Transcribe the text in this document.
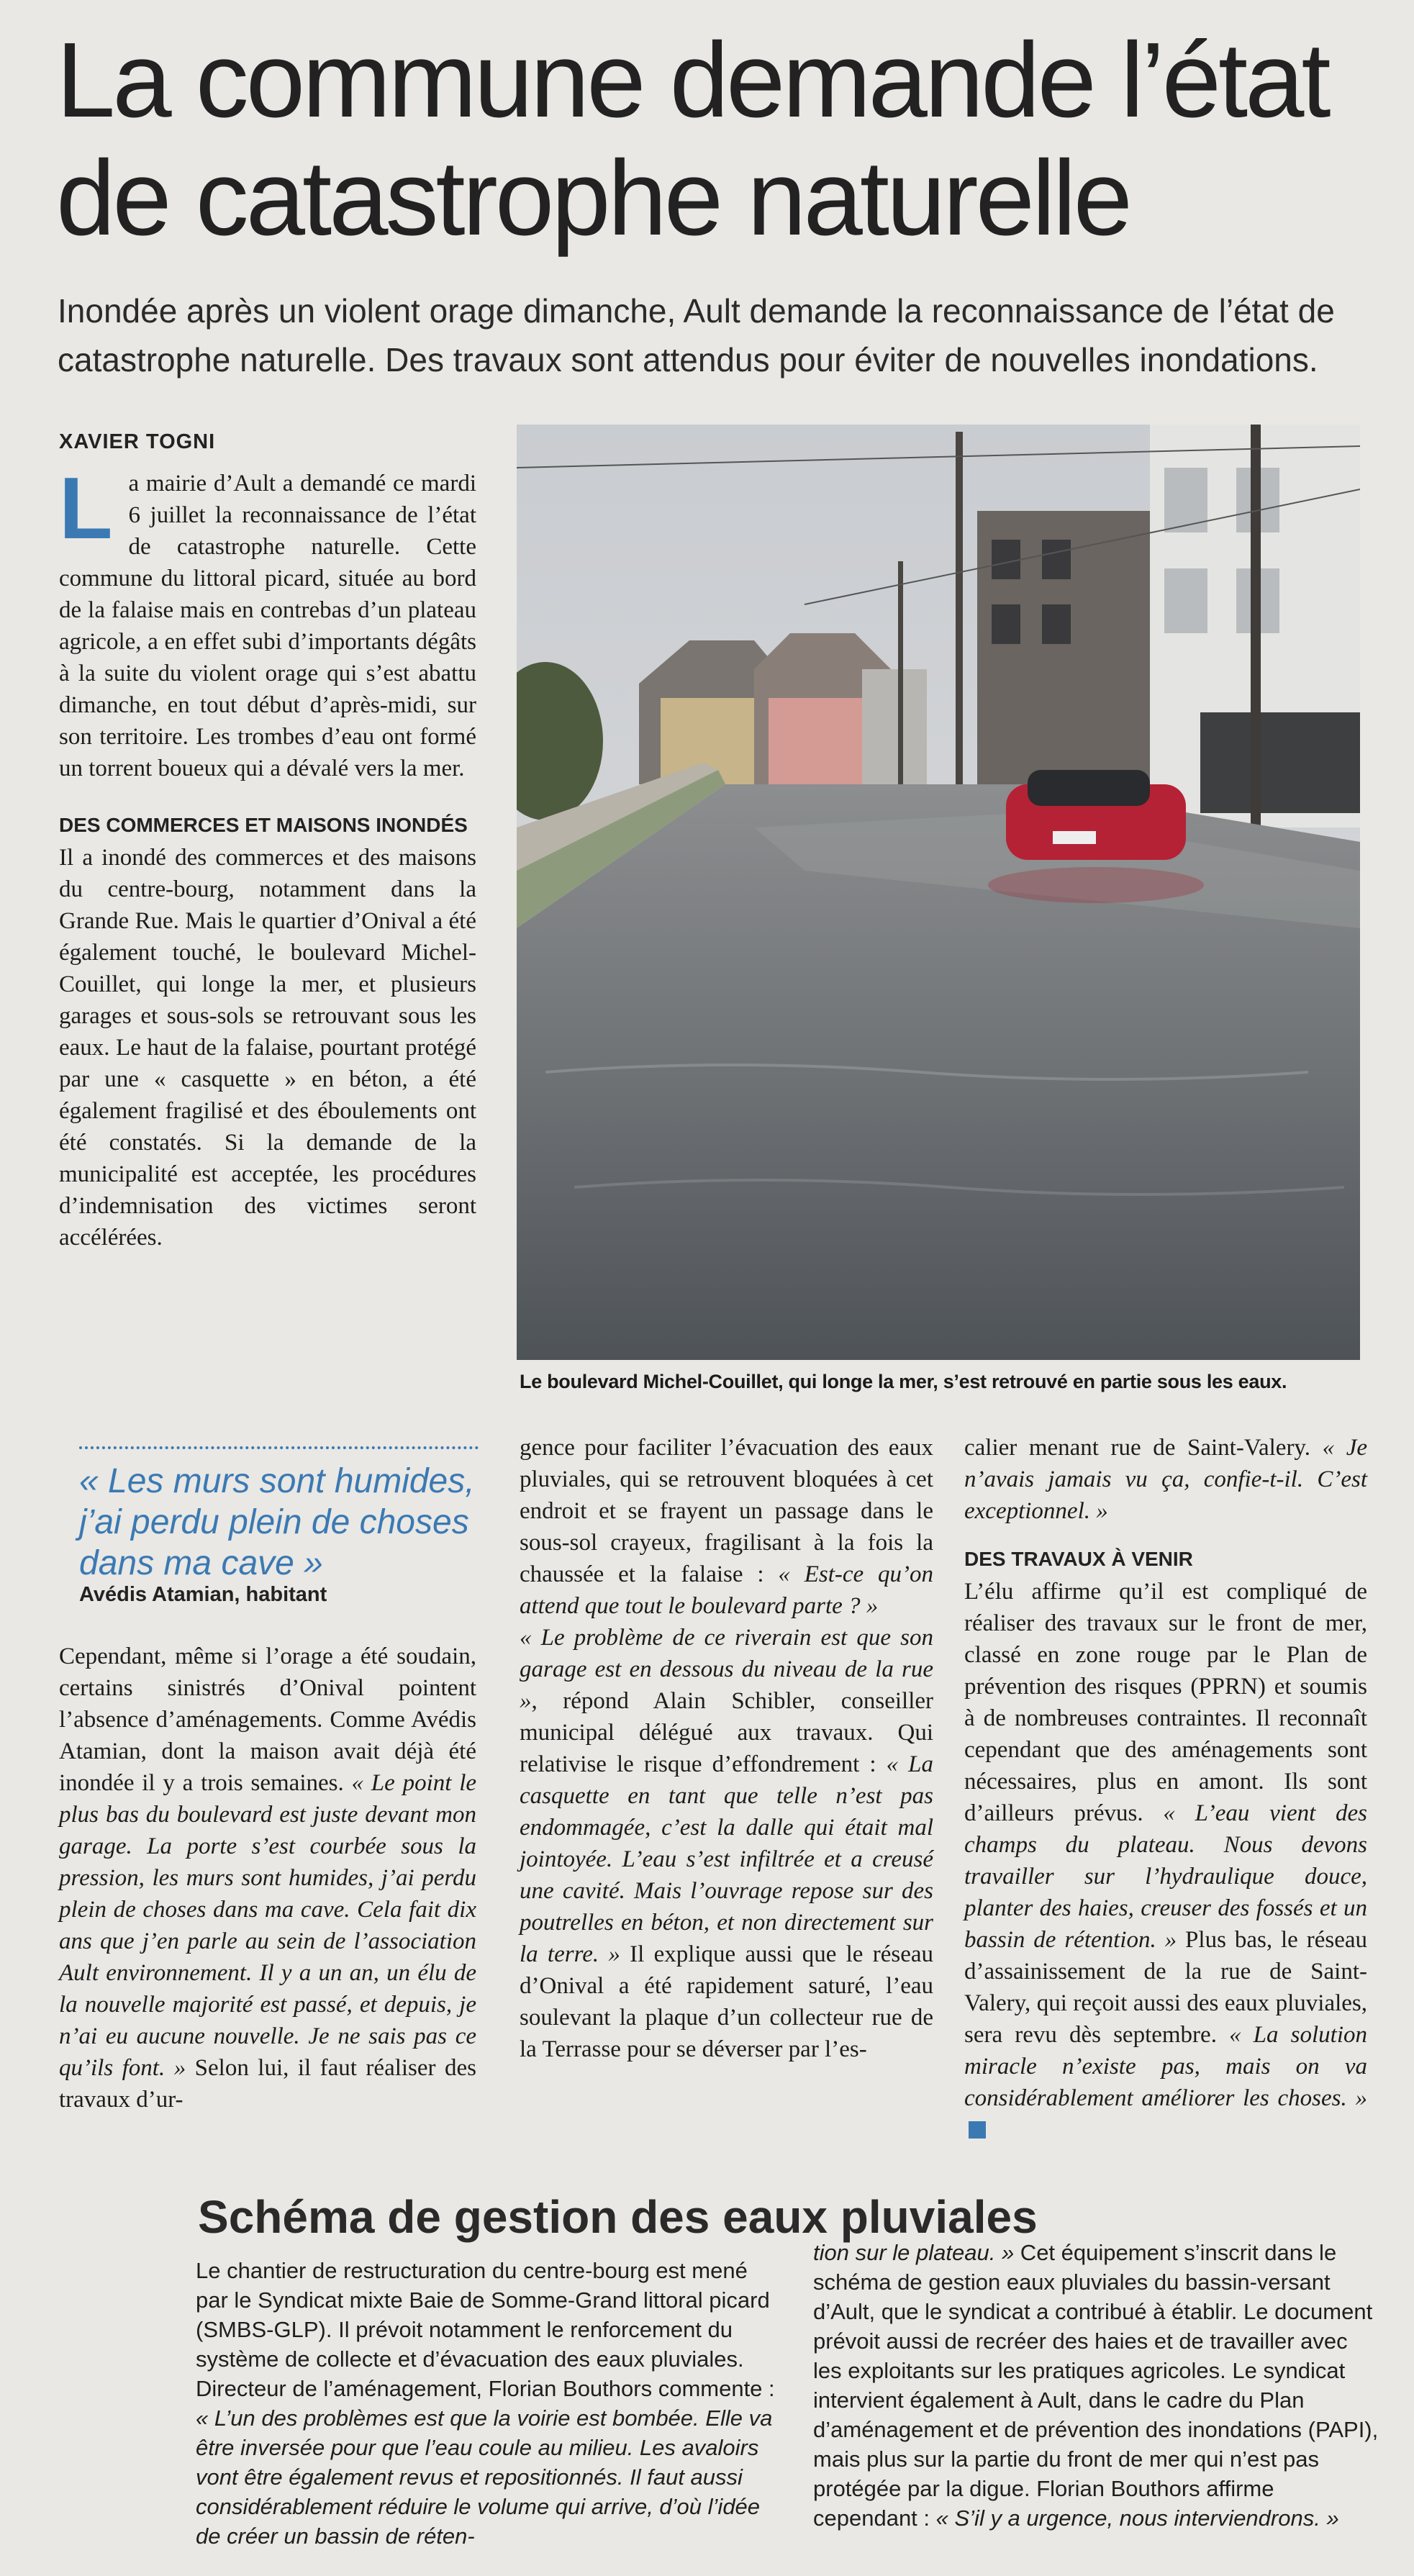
La commune demande l’état de catastrophe naturelle

Inondée après un violent orage dimanche, Ault demande la reconnaissance de l’état de catastrophe naturelle. Des travaux sont attendus pour éviter de nouvelles inondations.

XAVIER TOGNI

La mairie d’Ault a demandé ce mardi 6 juillet la reconnaissance de l’état de catastrophe naturelle. Cette commune du littoral picard, située au bord de la falaise mais en contrebas d’un plateau agricole, a en effet subi d’importants dégâts à la suite du violent orage qui s’est abattu dimanche, en tout début d’après-midi, sur son territoire. Les trombes d’eau ont formé un torrent boueux qui a dévalé vers la mer.

DES COMMERCES ET MAISONS INONDÉS

Il a inondé des commerces et des maisons du centre-bourg, notamment dans la Grande Rue. Mais le quartier d’Onival a été également touché, le boulevard Michel-Couillet, qui longe la mer, et plusieurs garages et sous-sols se retrouvant sous les eaux. Le haut de la falaise, pourtant protégé par une « casquette » en béton, a été également fragilisé et des éboulements ont été constatés. Si la demande de la municipalité est acceptée, les procédures d’indemnisation des victimes seront accélérées.

« Les murs sont humides, j’ai perdu plein de choses dans ma cave »

Avédis Atamian, habitant

Cependant, même si l’orage a été soudain, certains sinistrés d’Onival pointent l’absence d’aménagements. Comme Avédis Atamian, dont la maison avait déjà été inondée il y a trois semaines. « Le point le plus bas du boulevard est juste devant mon garage. La porte s’est courbée sous la pression, les murs sont humides, j’ai perdu plein de choses dans ma cave. Cela fait dix ans que j’en parle au sein de l’association Ault environnement. Il y a un an, un élu de la nouvelle majorité est passé, et depuis, je n’ai eu aucune nouvelle. Je ne sais pas ce qu’ils font. » Selon lui, il faut réaliser des travaux d’ur-

Le boulevard Michel-Couillet, qui longe la mer, s’est retrouvé en partie sous les eaux.

gence pour faciliter l’évacuation des eaux pluviales, qui se retrouvent bloquées à cet endroit et se frayent un passage dans le sous-sol crayeux, fragilisant à la fois la chaussée et la falaise : « Est-ce qu’on attend que tout le boulevard parte ? »

« Le problème de ce riverain est que son garage est en dessous du niveau de la rue », répond Alain Schibler, conseiller municipal délégué aux travaux. Qui relativise le risque d’effondrement : « La casquette en tant que telle n’est pas endommagée, c’est la dalle qui était mal jointoyée. L’eau s’est infiltrée et a creusé une cavité. Mais l’ouvrage repose sur des poutrelles en béton, et non directement sur la terre. » Il explique aussi que le réseau d’Onival a été rapidement saturé, l’eau soulevant la plaque d’un collecteur rue de la Terrasse pour se déverser par l’es-

calier menant rue de Saint-Valery. « Je n’avais jamais vu ça, confie-t-il. C’est exceptionnel. »

DES TRAVAUX À VENIR

L’élu affirme qu’il est compliqué de réaliser des travaux sur le front de mer, classé en zone rouge par le Plan de prévention des risques (PPRN) et soumis à de nombreuses contraintes. Il reconnaît cependant que des aménagements sont nécessaires, plus en amont. Ils sont d’ailleurs prévus. « L’eau vient des champs du plateau. Nous devons travailler sur l’hydraulique douce, planter des haies, creuser des fossés et un bassin de rétention. » Plus bas, le réseau d’assainissement de la rue de Saint-Valery, qui reçoit aussi des eaux pluviales, sera revu dès septembre. « La solution miracle n’existe pas, mais on va considérablement améliorer les choses. »

Schéma de gestion des eaux pluviales

Le chantier de restructuration du centre-bourg est mené par le Syndicat mixte Baie de Somme-Grand littoral picard (SMBS-GLP). Il prévoit notamment le renforcement du système de collecte et d’évacuation des eaux pluviales. Directeur de l’aménagement, Florian Bouthors commente : « L’un des problèmes est que la voirie est bombée. Elle va être inversée pour que l’eau coule au milieu. Les avaloirs vont être également revus et repositionnés. Il faut aussi considérablement réduire le volume qui arrive, d’où l’idée de créer un bassin de réten-

tion sur le plateau. » Cet équipement s’inscrit dans le schéma de gestion eaux pluviales du bassin-versant d’Ault, que le syndicat a contribué à établir. Le document prévoit aussi de recréer des haies et de travailler avec les exploitants sur les pratiques agricoles. Le syndicat intervient également à Ault, dans le cadre du Plan d’aménagement et de prévention des inondations (PAPI), mais plus sur la partie du front de mer qui n’est pas protégée par la digue. Florian Bouthors affirme cependant : « S’il y a urgence, nous interviendrons. »
